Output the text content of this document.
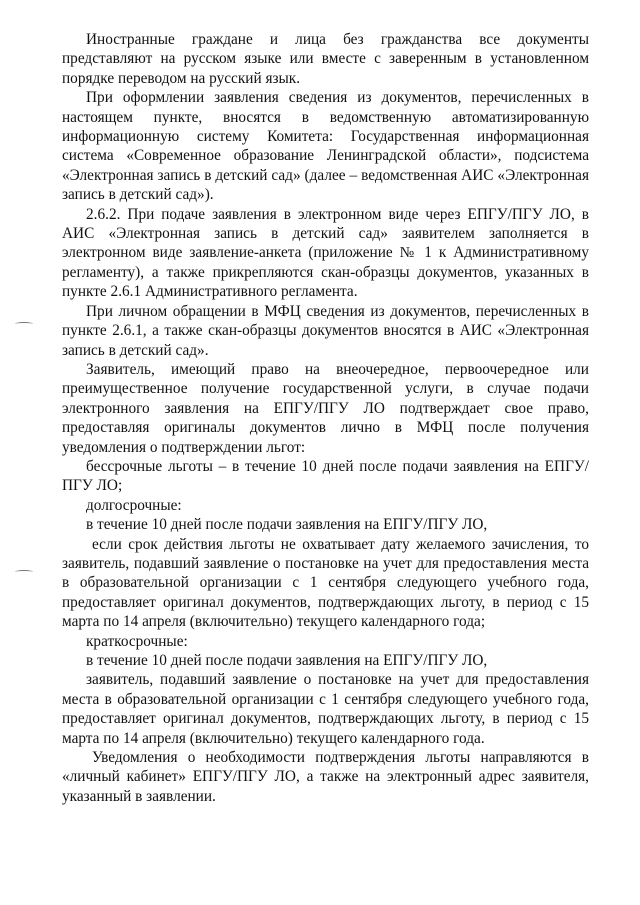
Иностранные граждане и лица без гражданства все документы представляют на русском языке или вместе с заверенным в установленном порядке переводом на русский язык.

При оформлении заявления сведения из документов, перечисленных в настоящем пункте, вносятся в ведомственную автоматизированную информационную систему Комитета: Государственная информационная система «Современное образование Ленинградской области», подсистема «Электронная запись в детский сад» (далее – ведомственная АИС «Электронная запись в детский сад»).

2.6.2. При подаче заявления в электронном виде через ЕПГУ/ПГУ ЛО, в АИС «Электронная запись в детский сад» заявителем заполняется в электронном виде заявление-анкета (приложение № 1 к Административному регламенту), а также прикрепляются скан-образцы документов, указанных в пункте 2.6.1 Административного регламента.

При личном обращении в МФЦ сведения из документов, перечисленных в пункте 2.6.1, а также скан-образцы документов вносятся в АИС «Электронная запись в детский сад».

Заявитель, имеющий право на внеочередное, первоочередное или преимущественное получение государственной услуги, в случае подачи электронного заявления на ЕПГУ/ПГУ ЛО подтверждает свое право, предоставляя оригиналы документов лично в МФЦ после получения уведомления о подтверждении льгот:

бессрочные льготы – в течение 10 дней после подачи заявления на ЕПГУ/ПГУ ЛО;

долгосрочные:

в течение 10 дней после подачи заявления на ЕПГУ/ПГУ ЛО,

если срок действия льготы не охватывает дату желаемого зачисления, то заявитель, подавший заявление о постановке на учет для предоставления места в образовательной организации с 1 сентября следующего учебного года, предоставляет оригинал документов, подтверждающих льготу, в период с 15 марта по 14 апреля (включительно) текущего календарного года;

краткосрочные:

в течение 10 дней после подачи заявления на ЕПГУ/ПГУ ЛО,

заявитель, подавший заявление о постановке на учет для предоставления места в образовательной организации с 1 сентября следующего учебного года, предоставляет оригинал документов, подтверждающих льготу, в период с 15 марта по 14 апреля (включительно) текущего календарного года.

Уведомления о необходимости подтверждения льготы направляются в «личный кабинет» ЕПГУ/ПГУ ЛО, а также на электронный адрес заявителя, указанный в заявлении.
